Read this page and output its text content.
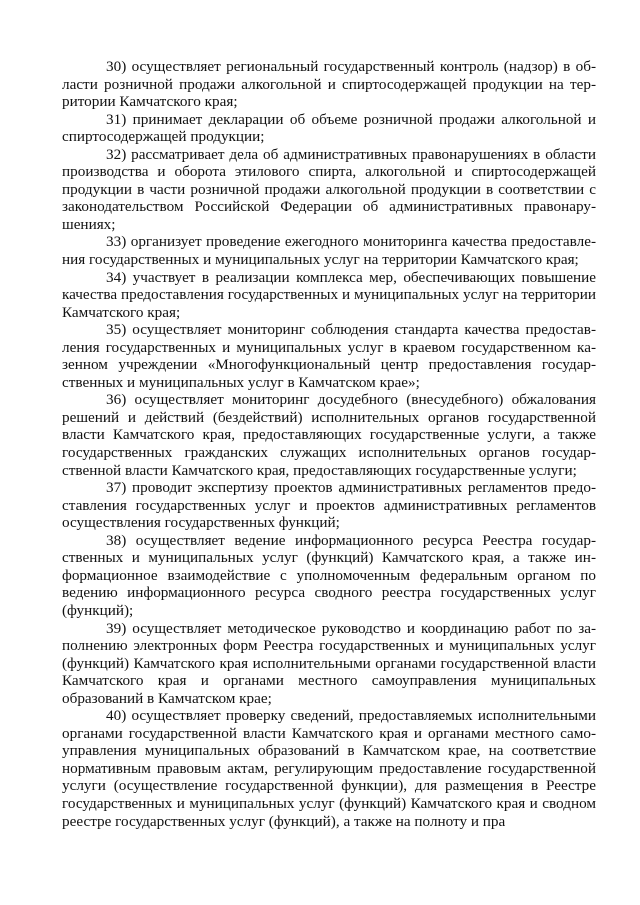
30) осуществляет региональный государственный контроль (надзор) в области розничной продажи алкогольной и спиртосодержащей продукции на территории Камчатского края;

31) принимает декларации об объеме розничной продажи алкогольной и спиртосодержащей продукции;

32) рассматривает дела об административных правонарушениях в области производства и оборота этилового спирта, алкогольной и спиртосодержащей продукции в части розничной продажи алкогольной продукции в соответствии с законодательством Российской Федерации об административных правонарушениях;

33) организует проведение ежегодного мониторинга качества предоставления государственных и муниципальных услуг на территории Камчатского края;

34) участвует в реализации комплекса мер, обеспечивающих повышение качества предоставления государственных и муниципальных услуг на территории Камчатского края;

35) осуществляет мониторинг соблюдения стандарта качества предоставления государственных и муниципальных услуг в краевом государственном казенном учреждении «Многофункциональный центр предоставления государственных и муниципальных услуг в Камчатском крае»;

36) осуществляет мониторинг досудебного (внесудебного) обжалования решений и действий (бездействий) исполнительных органов государственной власти Камчатского края, предоставляющих государственные услуги, а также государственных гражданских служащих исполнительных органов государственной власти Камчатского края, предоставляющих государственные услуги;

37) проводит экспертизу проектов административных регламентов предоставления государственных услуг и проектов административных регламентов осуществления государственных функций;

38) осуществляет ведение информационного ресурса Реестра государственных и муниципальных услуг (функций) Камчатского края, а также информационное взаимодействие с уполномоченным федеральным органом по ведению информационного ресурса сводного реестра государственных услуг (функций);

39) осуществляет методическое руководство и координацию работ по заполнению электронных форм Реестра государственных и муниципальных услуг (функций) Камчатского края исполнительными органами государственной власти Камчатского края и органами местного самоуправления муниципальных образований в Камчатском крае;

40) осуществляет проверку сведений, предоставляемых исполнительными органами государственной власти Камчатского края и органами местного самоуправления муниципальных образований в Камчатском крае, на соответствие нормативным правовым актам, регулирующим предоставление государственной услуги (осуществление государственной функции), для размещения в Реестре государственных и муниципальных услуг (функций) Камчатского края и сводном реестре государственных услуг (функций), а также на полноту и пра
